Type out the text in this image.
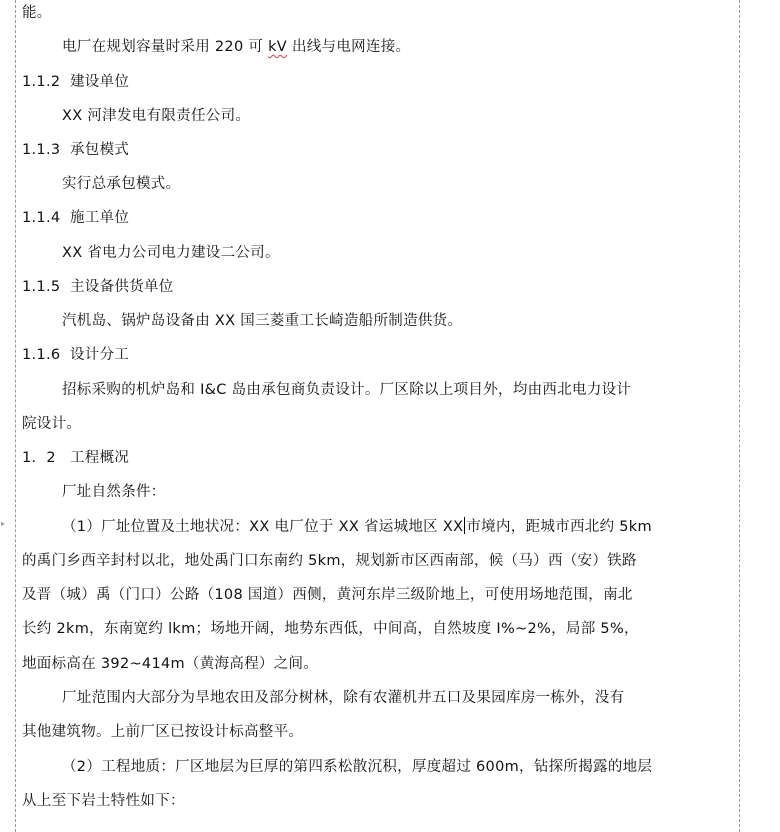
▸
能。
电厂在规划容量时采用 220 可 kV 出线与电网连接。
1.1.2 建设单位
XX 河津发电有限责任公司。
1.1.3 承包模式
实行总承包模式。
1.1.4 施工单位
XX 省电力公司电力建设二公司。
1.1.5 主设备供货单位
汽机岛、锅炉岛设备由 XX 国三菱重工长崎造船所制造供货。
1.1.6 设计分工
招标采购的机炉岛和 I&C 岛由承包商负责设计。厂区除以上项目外，均由西北电力设计
院设计。
1．2 工程概况
厂址自然条件：
（1）厂址位置及土地状况：XX 电厂位于 XX 省运城地区 XX 市境内，距城市西北约 5km
的禹门乡西辛封村以北，地处禹门口东南约 5km，规划新市区西南部，候（马）西（安）铁路
及晋（城）禹（门口）公路（108 国道）西侧，黄河东岸三级阶地上，可使用场地范围，南北
长约 2km，东南宽约 lkm；场地开阔，地势东西低，中间高，自然坡度 I%~2%，局部 5%，
地面标高在 392~414m（黄海高程）之间。
厂址范围内大部分为旱地农田及部分树林，除有农灌机井五口及果园库房一栋外，没有
其他建筑物。上前厂区已按设计标高整平。
（2）工程地质：厂区地层为巨厚的第四系松散沉积，厚度超过 600m，钻探所揭露的地层
从上至下岩土特性如下：
